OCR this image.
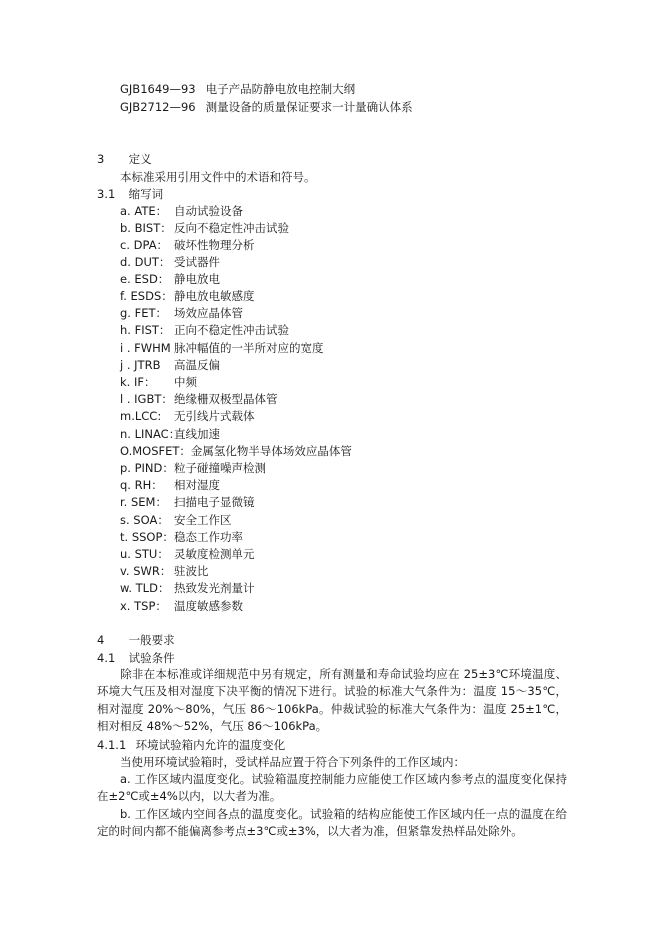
GJB1649—93 电子产品防静电放电控制大纲
GJB2712—96 测量设备的质量保证要求一计量确认体系
3 定义
本标准采用引用文件中的术语和符号。
3.1 缩写词
a. ATE： 自动试验设备
b. BIST： 反向不稳定性冲击试验
c. DPA： 破坏性物理分析
d. DUT： 受试器件
e. ESD： 静电放电
f. ESDS：静电放电敏感度
g. FET： 场效应晶体管
h. FIST： 正向不稳定性冲击试验
i . FWHM 脉冲幅值的一半所对应的宽度
j . JTRB 高温反偏
k. IF： 中频
l . IGBT：绝缘栅双极型晶体管
m.LCC: 无引线片式载体
n. LINAC：直线加速
O.MOSFET：金属氢化物半导体场效应晶体管
p. PIND：粒子碰撞噪声检测
q. RH： 相对湿度
r. SEM： 扫描电子显微镜
s. SOA： 安全工作区
t. SSOP：稳态工作功率
u. STU： 灵敏度检测单元
v. SWR： 驻波比
w. TLD： 热致发光剂量计
x. TSP： 温度敏感参数
4 一般要求
4.1 试验条件
除非在本标准或详细规范中另有规定，所有测量和寿命试验均应在 25±3℃环境温度、环境大气压及相对湿度下决平衡的情况下进行。试验的标准大气条件为：温度 15～35℃，相对湿度 20%～80%，气压 86～106kPa。仲裁试验的标准大气条件为：温度 25±1℃，相对相反 48%～52%，气压 86～106kPa。
4.1.1 环境试验箱内允许的温度变化
当使用环境试验箱时，受试样品应置于符合下列条件的工作区域内：
a. 工作区域内温度变化。试验箱温度控制能力应能使工作区域内参考点的温度变化保持在±2℃或±4%以内，以大者为准。
b. 工作区域内空间各点的温度变化。试验箱的结构应能使工作区域内任一点的温度在给定的时间内都不能偏离参考点±3℃或±3%，以大者为准，但紧靠发热样品处除外。
